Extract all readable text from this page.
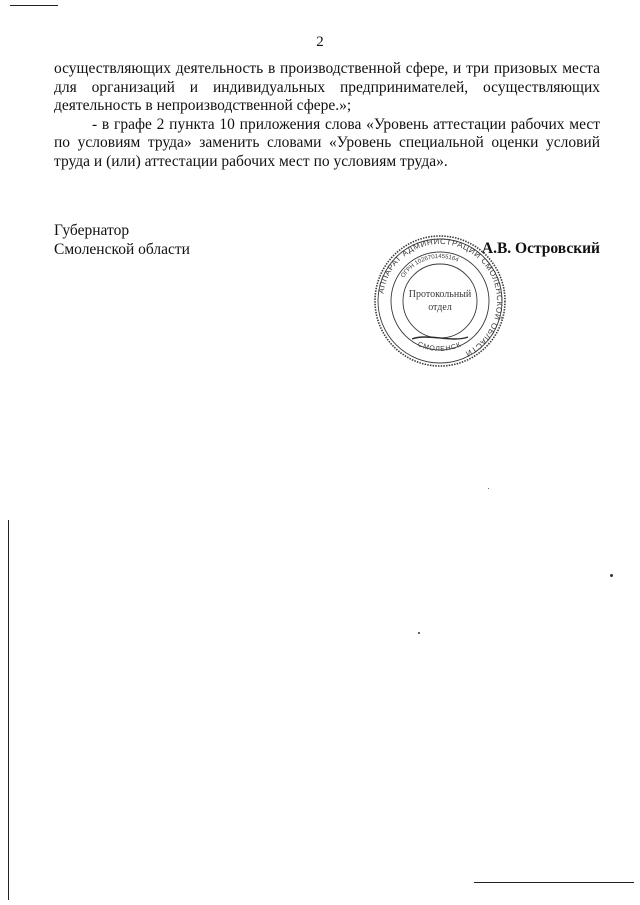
2

осуществляющих деятельность в производственной сфере, и три призовых места для организаций и индивидуальных предпринимателей, осуществляющих деятельность в непроизводственной сфере.»;

- в графе 2 пункта 10 приложения слова «Уровень аттестации рабочих мест по условиям труда» заменить словами «Уровень специальной оценки условий труда и (или) аттестации рабочих мест по условиям труда».

Губернатор
Смоленской области	А.В. Островский
АППАРАТ АДМИНИСТРАЦИИ СМОЛЕНСКОЙ ОБЛАСТИ
ОГРН 1026701455164
СМОЛЕНСК
Протокольный
отдел
